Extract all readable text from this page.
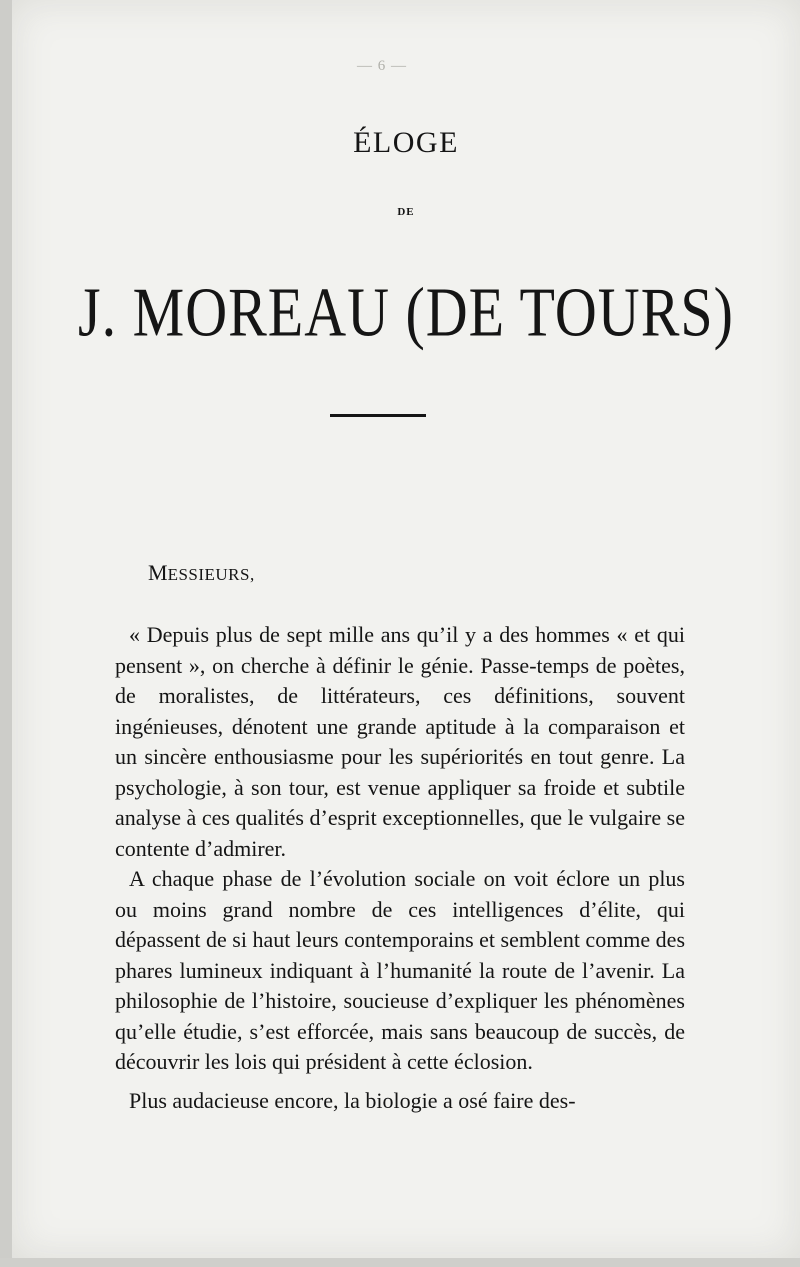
— 6 —
ÉLOGE
DE
J. MOREAU (DE TOURS)
MESSIEURS,

« Depuis plus de sept mille ans qu’il y a des hommes « et qui pensent », on cherche à définir le génie. Passe-temps de poètes, de moralistes, de littérateurs, ces définitions, souvent ingénieuses, dénotent une grande aptitude à la comparaison et un sincère enthousiasme pour les supériorités en tout genre. La psychologie, à son tour, est venue appliquer sa froide et subtile analyse à ces qualités d’esprit exceptionnelles, que le vulgaire se contente d’admirer.

A chaque phase de l’évolution sociale on voit éclore un plus ou moins grand nombre de ces intelligences d’élite, qui dépassent de si haut leurs contemporains et semblent comme des phares lumineux indiquant à l’humanité la route de l’avenir. La philosophie de l’histoire, soucieuse d’expliquer les phénomènes qu’elle étudie, s’est efforcée, mais sans beaucoup de succès, de découvrir les lois qui président à cette éclosion.

Plus audacieuse encore, la biologie a osé faire des-
